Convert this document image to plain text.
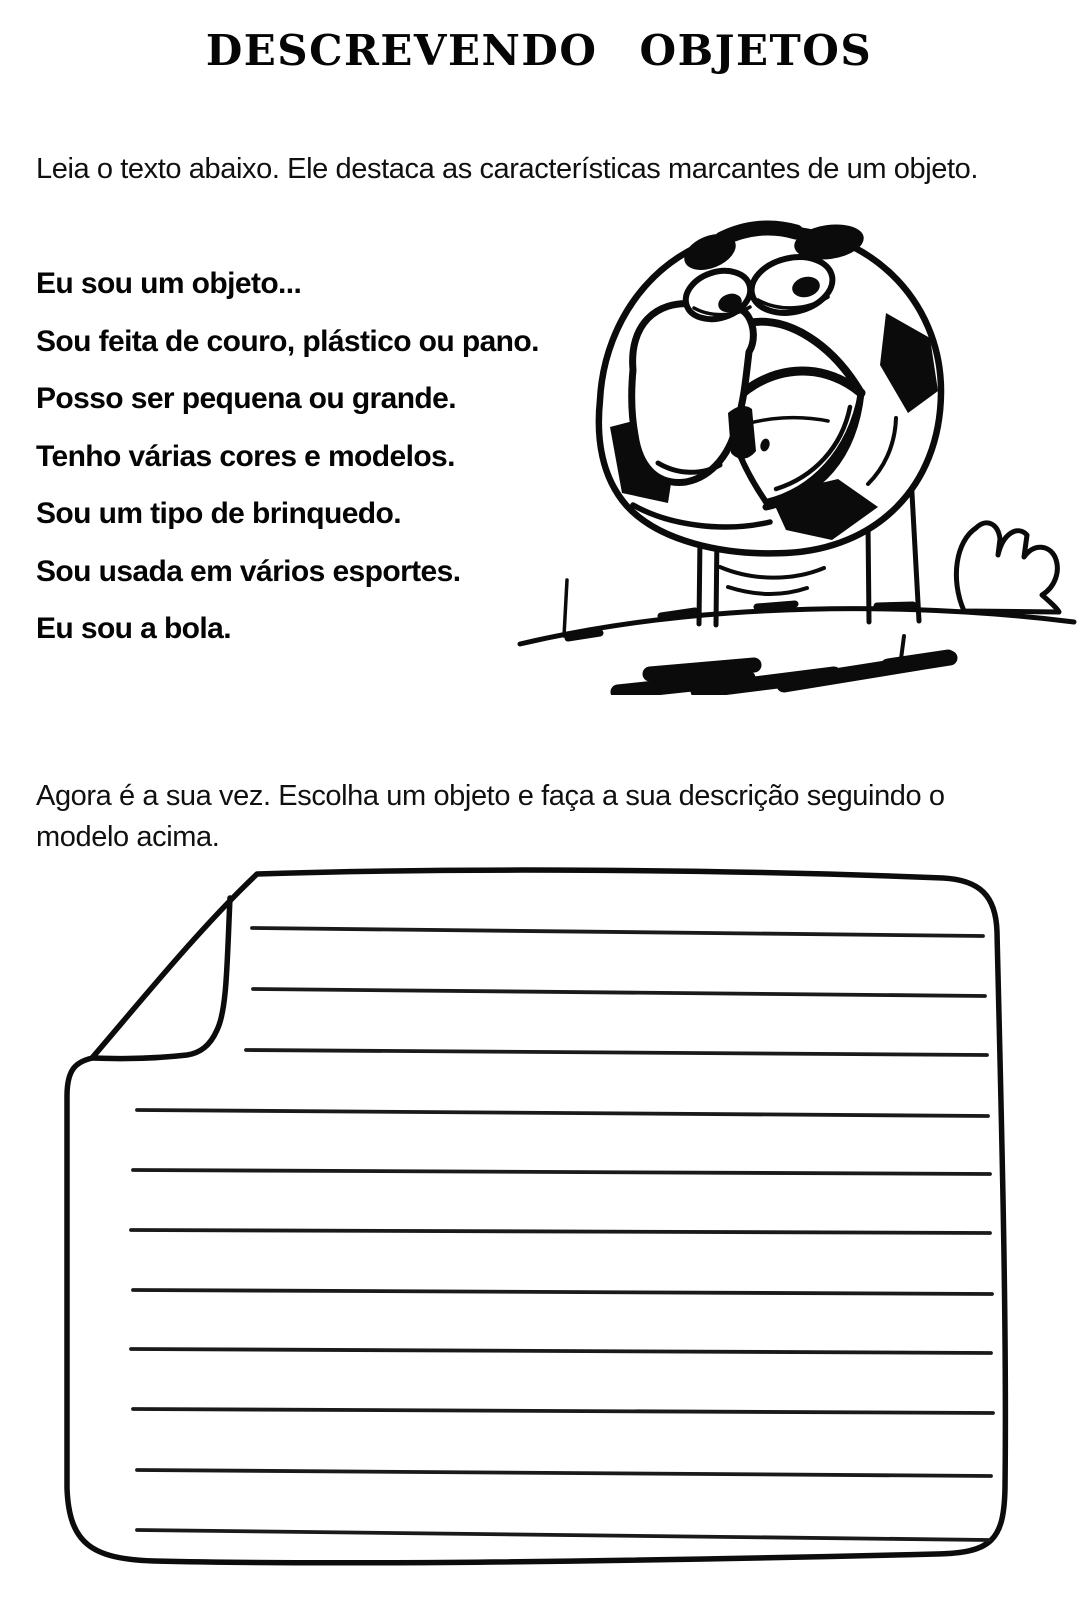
DESCREVENDO OBJETOS
Leia o texto abaixo. Ele destaca as características marcantes de um objeto.

Eu sou um objeto...

Sou feita de couro, plástico ou pano.

Posso ser pequena ou grande.

Tenho várias cores e modelos.

Sou um tipo de brinquedo.

Sou usada em vários esportes.

Eu sou a bola.

Agora é a sua vez. Escolha um objeto e faça a sua descrição seguindo o

modelo acima.
